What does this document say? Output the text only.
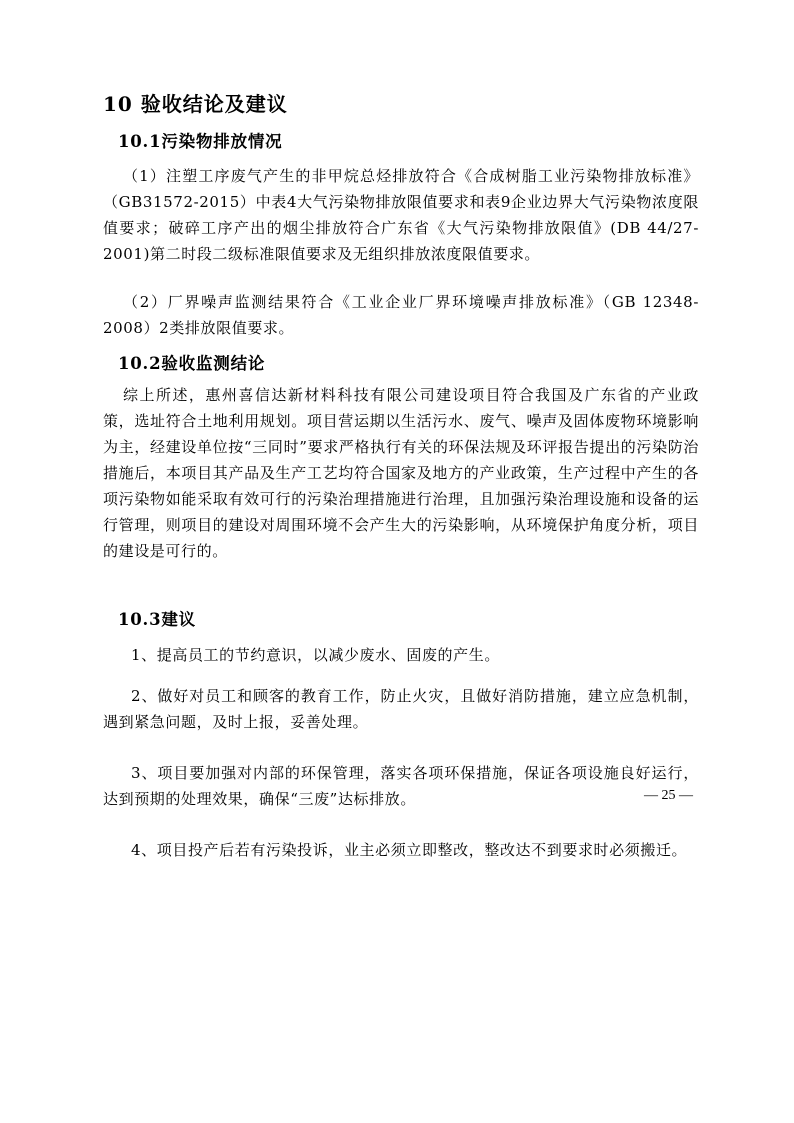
10 验收结论及建议
10.1污染物排放情况
（1）注塑工序废气产生的非甲烷总烃排放符合《合成树脂工业污染物排放标准》（GB31572-2015）中表4大气污染物排放限值要求和表9企业边界大气污染物浓度限值要求；破碎工序产出的烟尘排放符合广东省《大气污染物排放限值》(DB 44/27-2001)第二时段二级标准限值要求及无组织排放浓度限值要求。
（2）厂界噪声监测结果符合《工业企业厂界环境噪声排放标准》（GB 12348-2008）2类排放限值要求。
10.2验收监测结论
综上所述，惠州喜信达新材料科技有限公司建设项目符合我国及广东省的产业政策，选址符合土地利用规划。项目营运期以生活污水、废气、噪声及固体废物环境影响为主，经建设单位按“三同时”要求严格执行有关的环保法规及环评报告提出的污染防治措施后，本项目其产品及生产工艺均符合国家及地方的产业政策，生产过程中产生的各项污染物如能采取有效可行的污染治理措施进行治理，且加强污染治理设施和设备的运行管理，则项目的建设对周围环境不会产生大的污染影响，从环境保护角度分析，项目的建设是可行的。
10.3建议
1、提高员工的节约意识，以减少废水、固废的产生。
2、做好对员工和顾客的教育工作，防止火灾，且做好消防措施，建立应急机制，遇到紧急问题，及时上报，妥善处理。
3、项目要加强对内部的环保管理，落实各项环保措施，保证各项设施良好运行，达到预期的处理效果，确保“三废”达标排放。
4、项目投产后若有污染投诉，业主必须立即整改，整改达不到要求时必须搬迁。
— 25 —
